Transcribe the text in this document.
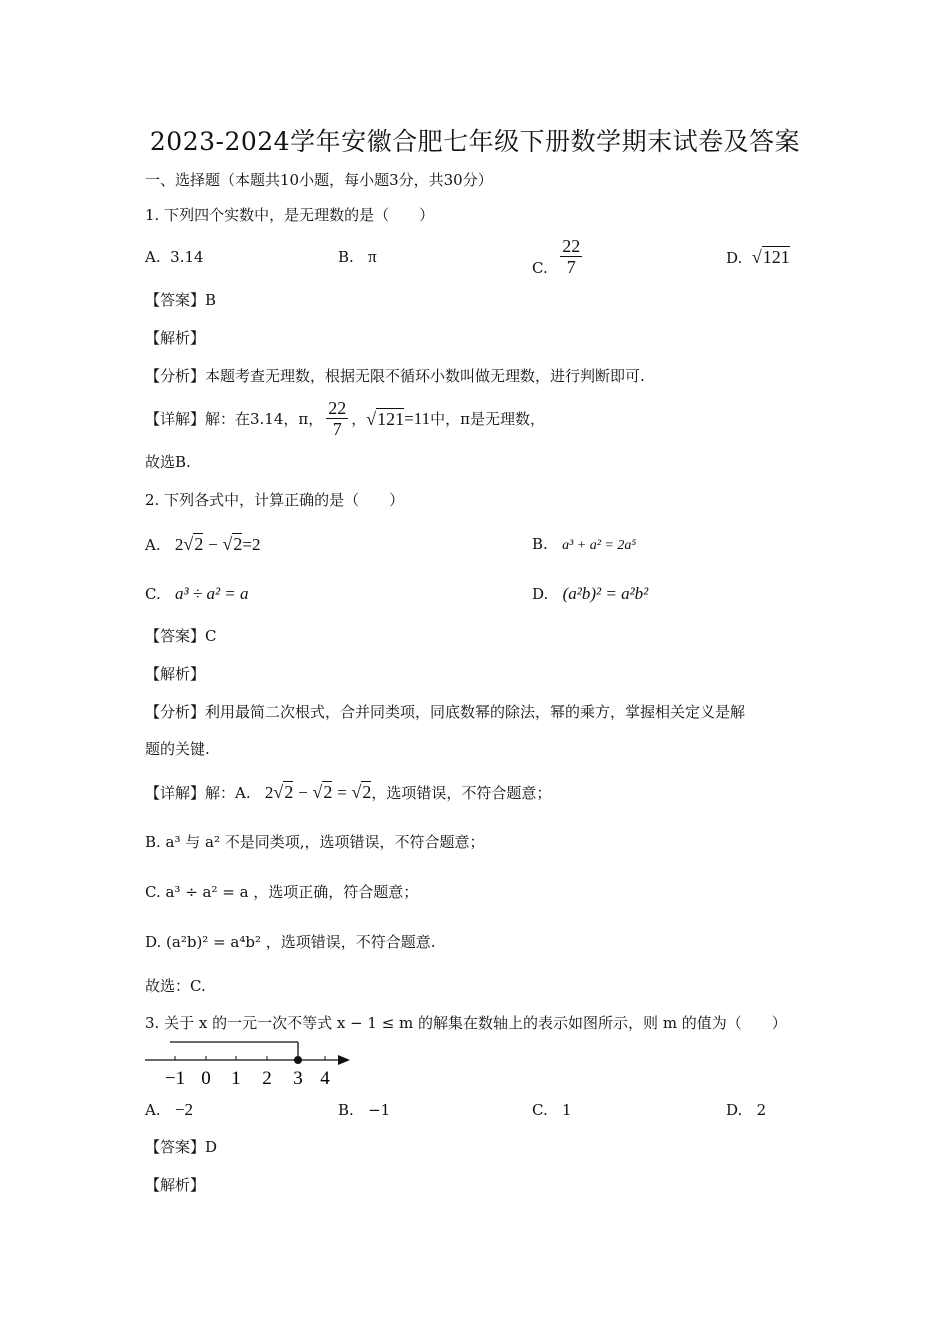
2023-2024学年安徽合肥七年级下册数学期末试卷及答案
一、选择题（本题共10小题，每小题3分，共30分）
1. 下列四个实数中，是无理数的是（　　）
A. 3.14	B. π
C. $\frac{22}{7}$	D. √121
【答案】B
【解析】
【分析】本题考查无理数，根据无限不循环小数叫做无理数，进行判断即可.
【详解】解：在3.14，π， $\frac{22}{7}$ ， √121 =11 中，π是无理数，
故选B.
2. 下列各式中，计算正确的是（　　）
A. 2√2 − √2=2	B. a³ + a² = 2a⁵
C. a³ ÷ a² = a	D. (a²b)² = a²b²
【答案】C
【解析】
【分析】利用最简二次根式，合并同类项，同底数幂的除法，幂的乘方，掌握相关定义是解
题的关键.
【详解】解：A. 2√2 − √2 = √2，选项错误，不符合题意；
B. a³ 与 a² 不是同类项,，选项错误，不符合题意；
C. a³ ÷ a² = a ，选项正确，符合题意；
D. (a²b)² = a⁴b² ，选项错误，不符合题意.
故选：C.
3. 关于 x 的一元一次不等式 x − 1 ≤ m 的解集在数轴上的表示如图所示，则 m 的值为（　　）
−1 0 1 2 3 4
A. −2	B. −1	C. 1	D. 2
【答案】D
【解析】
